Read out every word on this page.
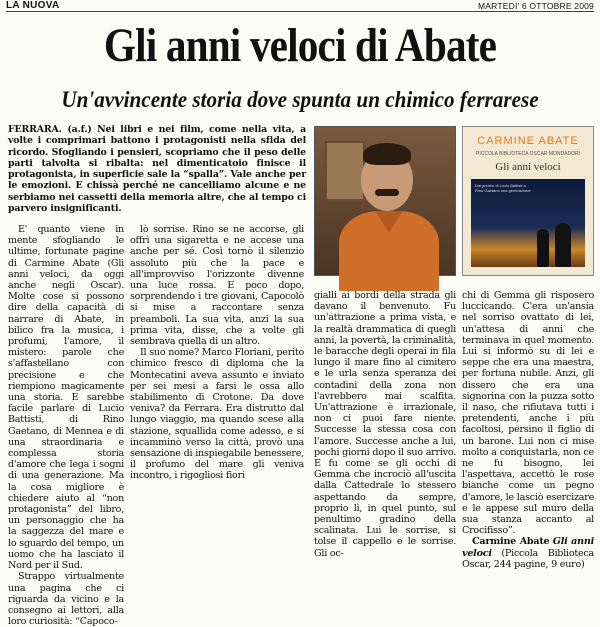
LA NUOVA	MARTEDI' 6 OTTOBRE 2009
Gli anni veloci di Abate
Un'avvincente storia dove spunta un chimico ferrarese
FERRARA. (a.f.) Nei libri e nei film, come nella vita, a volte i comprimari battono i protagonisti nella sfida del ricordo. Sfogliando i pensieri, scopriamo che il peso delle parti talvolta si ribalta: nel dimenticatoio finisce il protagonista, in superficie sale la “spalla”. Vale anche per le emozioni. E chissà perché ne cancelliamo alcune e ne serbiamo nei cassetti della memoria altre, che al tempo ci parvero insignificanti.
CARMINE ABATE
PICCOLA BIBLIOTECA OSCAR MONDADORI
Gli anni veloci
Dal premio di Lucio Battisti a Rino Gaetano una generazione

E' quanto viene in mente sfogliando le ultime, fortunate pagine di Carmine Abate (Gli anni veloci, da oggi anche negli Oscar). Molte cose si possono dire della capacità di narrare di Abate, in bilico fra la musica, i profumi, l'amore, il mistero: parole che s'affastellano con precisione e che riempiono magicamente una storia. E sarebbe facile parlare di Lucio Battisti, di Rino Gaetano, di Mennea e di una straordinaria e complessa storia d'amore che lega i sogni di una generazione. Ma la cosa migliore è chiedere aiuto al “non protagonista” del libro, un personaggio che ha la saggezza del mare e lo sguardo del tempo, un uomo che ha lasciato il Nord per il Sud.

Strappo virtualmente una pagina che ci riguarda da vicino e la consegno ai lettori, alla loro curiosità: “Capoco-

lò sorrise. Rino se ne accorse, gli offrì una sigaretta e ne accese una anche per sé. Così tornò il silenzio assoluto più che la pace e all'improvviso l'orizzonte divenne una luce rossa. E poco dopo, sorprendendo i tre giovani, Capocolò si mise a raccontare senza preamboli. La sua vita, anzi la sua prima vita, disse, che a volte gli sembrava quella di un altro.

Il suo nome? Marco Floriani, perito chimico fresco di diploma che la Montecatini aveva assunto e inviato per sei mesi a farsi le ossa allo stabilimento di Crotone. Da dove veniva? da Ferrara. Era distrutto dal lungo viaggio, ma quando scese alla stazione, squallida come adesso, e si incamminò verso la città, provò una sensazione di inspiegabile benessere, il profumo del mare gli veniva incontro, i rigogliosi fiori

gialli ai bordi della strada gli davano il benvenuto. Fu un'attrazione a prima vista, e la realtà drammatica di quegli anni, la povertà, la criminalità, le baracche degli operai in fila lungo il mare fino al cimitero e le urla senza speranza dei contadini della zona non l'avrebbero mai scalfita. Un'attrazione è irrazionale, non ci puoi fare niente. Successe la stessa cosa con l'amore. Successe anche a lui, pochi giorni dopo il suo arrivo. E fu come se gli occhi di Gemma che incrociò all'uscita dalla Cattedrale lo stessero aspettando da sempre, proprio lì, in quel punto, sul penultimo gradino della scalinata. Lui le sorrise, si tolse il cappello e le sorrise. Gli oc-

chi di Gemma gli risposero luccicando. C'era un'ansia nel sorriso ovattato di lei, un'attesa di anni che terminava in quel momento. Lui si informò su di lei e seppe che era una maestra, per fortuna nubile. Anzi, gli dissero che era una signorina con la puzza sotto il naso, che rifiutava tutti i pretendenti, anche i più facoltosi, persino il figlio di un barone. Lui non ci mise molto a conquistarla, non ce ne fu bisogno, lei l'aspettava, accettò le rose bianche come un pegno d'amore, le lasciò esercizare e le appese sul muro della sua stanza accanto al Crocifisso”.

Carmine Abate Gli anni veloci (Piccola Biblioteca Oscar, 244 pagine, 9 euro)
